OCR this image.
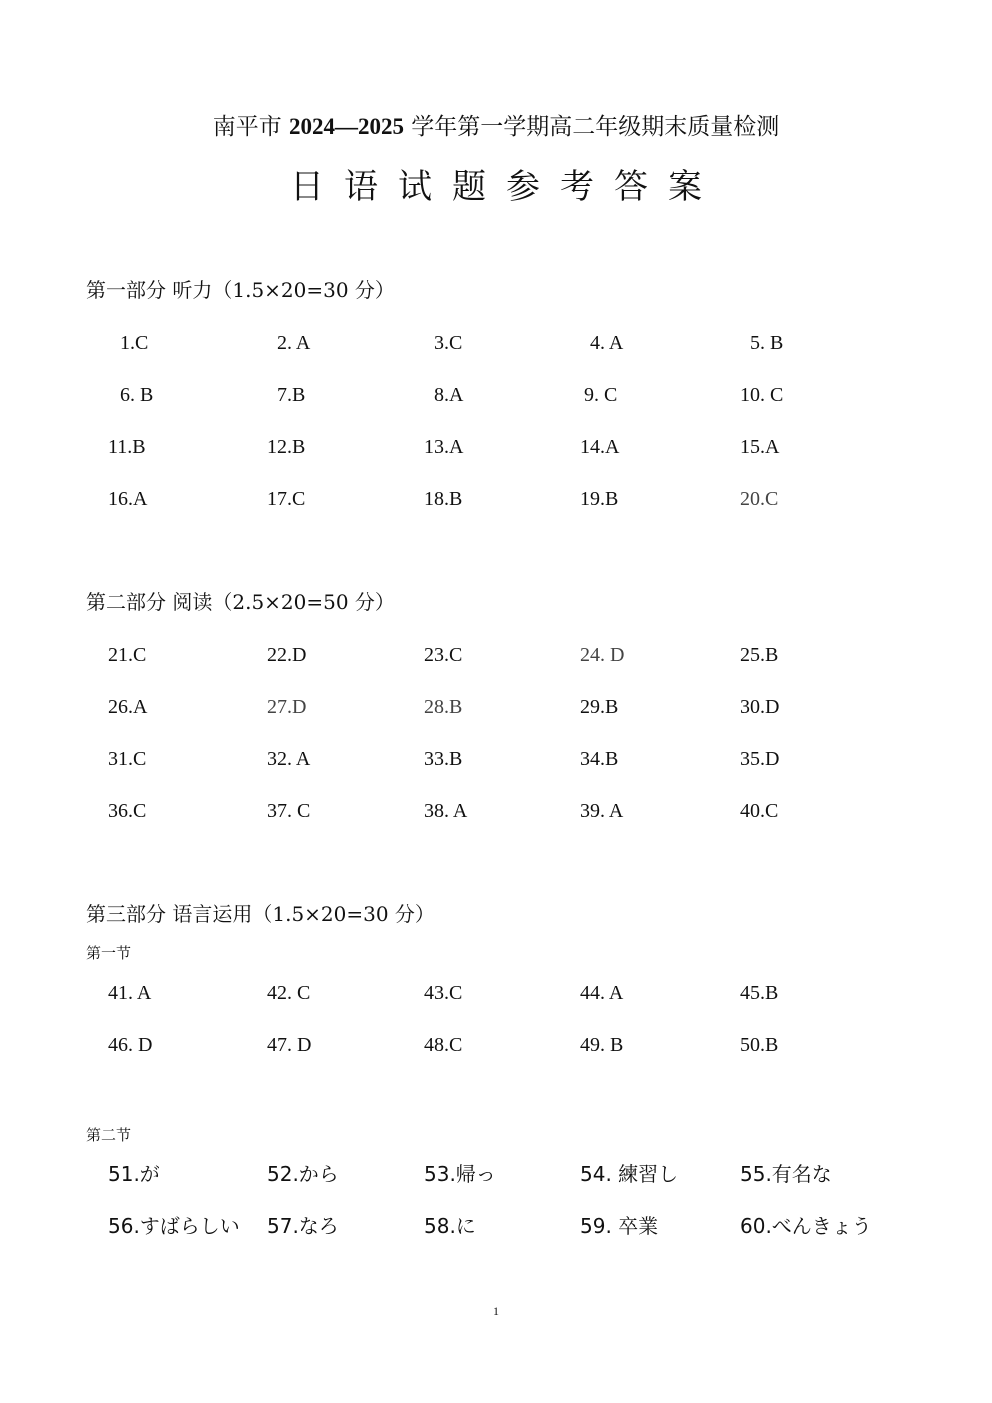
南平市 2024—2025 学年第一学期高二年级期末质量检测
日语试题参考答案
第一部分 听力（1.5×20=30 分）
1.C	2. A	3.C	4. A	5. B
6. B	7.B	8.A	9. C	10. C
11.B	12.B	13.A	14.A	15.A
16.A	17.C	18.B	19.B	20.C
第二部分 阅读（2.5×20=50 分）
21.C	22.D	23.C	24. D	25.B
26.A	27.D	28.B	29.B	30.D
31.C	32. A	33.B	34.B	35.D
36.C	37. C	38. A	39. A	40.C
第三部分 语言运用（1.5×20=30 分）
第一节
41. A	42. C	43.C	44. A	45.B
46. D	47. D	48.C	49. B	50.B
第二节
51.が	52.から	53.帰っ	54. 練習し	55.有名な
56.すばらしい 57.なろ	58.に	59. 卒業	60.べんきょう
1
